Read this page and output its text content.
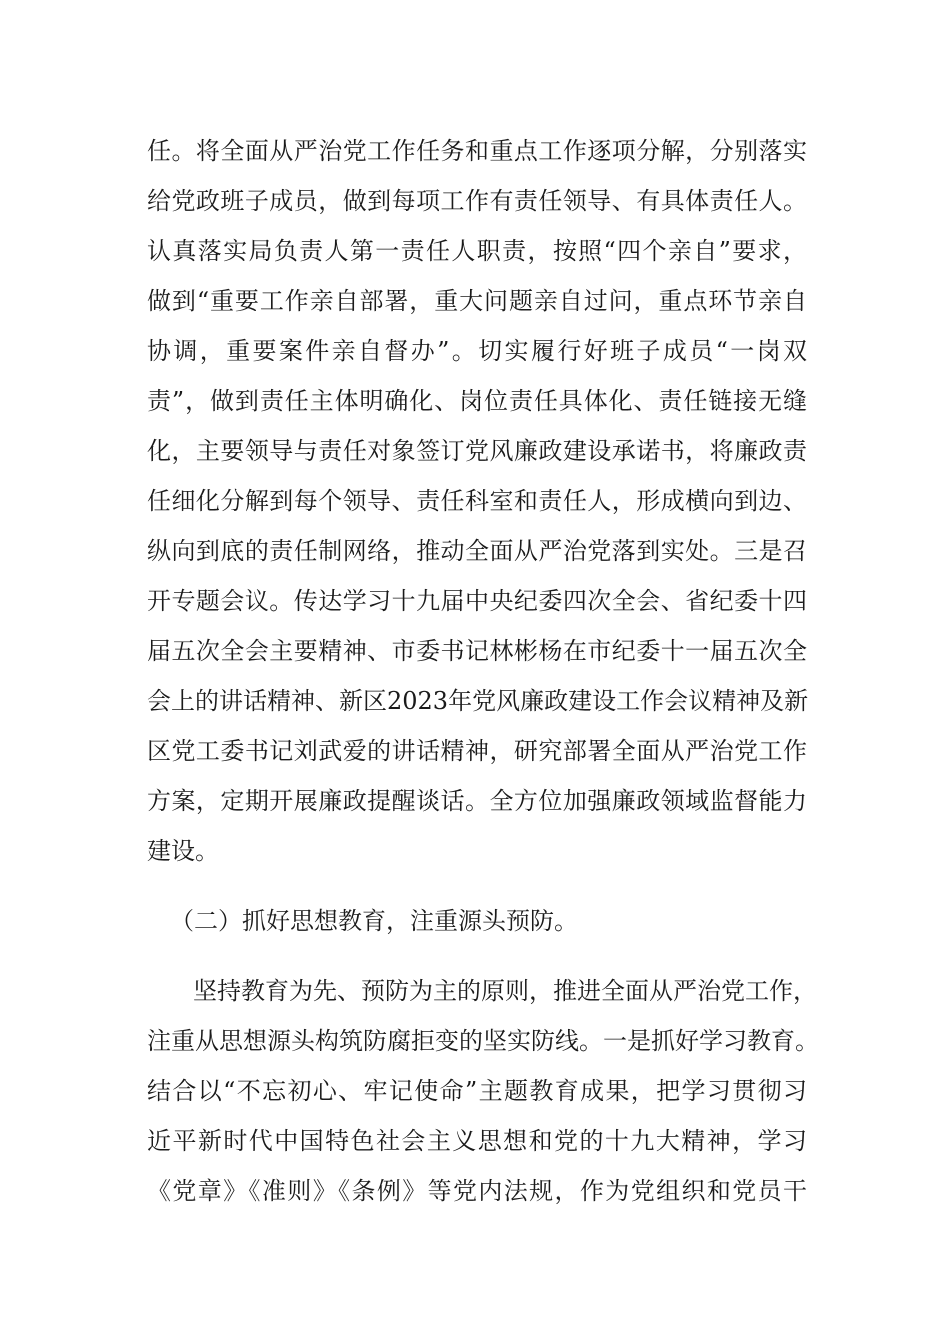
任。将全面从严治党工作任务和重点工作逐项分解，分别落实
给党政班子成员，做到每项工作有责任领导、有具体责任人。
认真落实局负责人第一责任人职责，按照“四个亲自”要求，
做到“重要工作亲自部署，重大问题亲自过问，重点环节亲自
协调，重要案件亲自督办”。切实履行好班子成员“一岗双
责”，做到责任主体明确化、岗位责任具体化、责任链接无缝
化，主要领导与责任对象签订党风廉政建设承诺书，将廉政责
任细化分解到每个领导、责任科室和责任人，形成横向到边、
纵向到底的责任制网络，推动全面从严治党落到实处。三是召
开专题会议。传达学习十九届中央纪委四次全会、省纪委十四
届五次全会主要精神、市委书记林彬杨在市纪委十一届五次全
会上的讲话精神、新区2023年党风廉政建设工作会议精神及新
区党工委书记刘武爱的讲话精神，研究部署全面从严治党工作
方案，定期开展廉政提醒谈话。全方位加强廉政领域监督能力
建设。
（二）抓好思想教育，注重源头预防。
坚持教育为先、预防为主的原则，推进全面从严治党工作，
注重从思想源头构筑防腐拒变的坚实防线。一是抓好学习教育。
结合以“不忘初心、牢记使命”主题教育成果，把学习贯彻习
近平新时代中国特色社会主义思想和党的十九大精神，学习
《党章》《准则》《条例》等党内法规，作为党组织和党员干
